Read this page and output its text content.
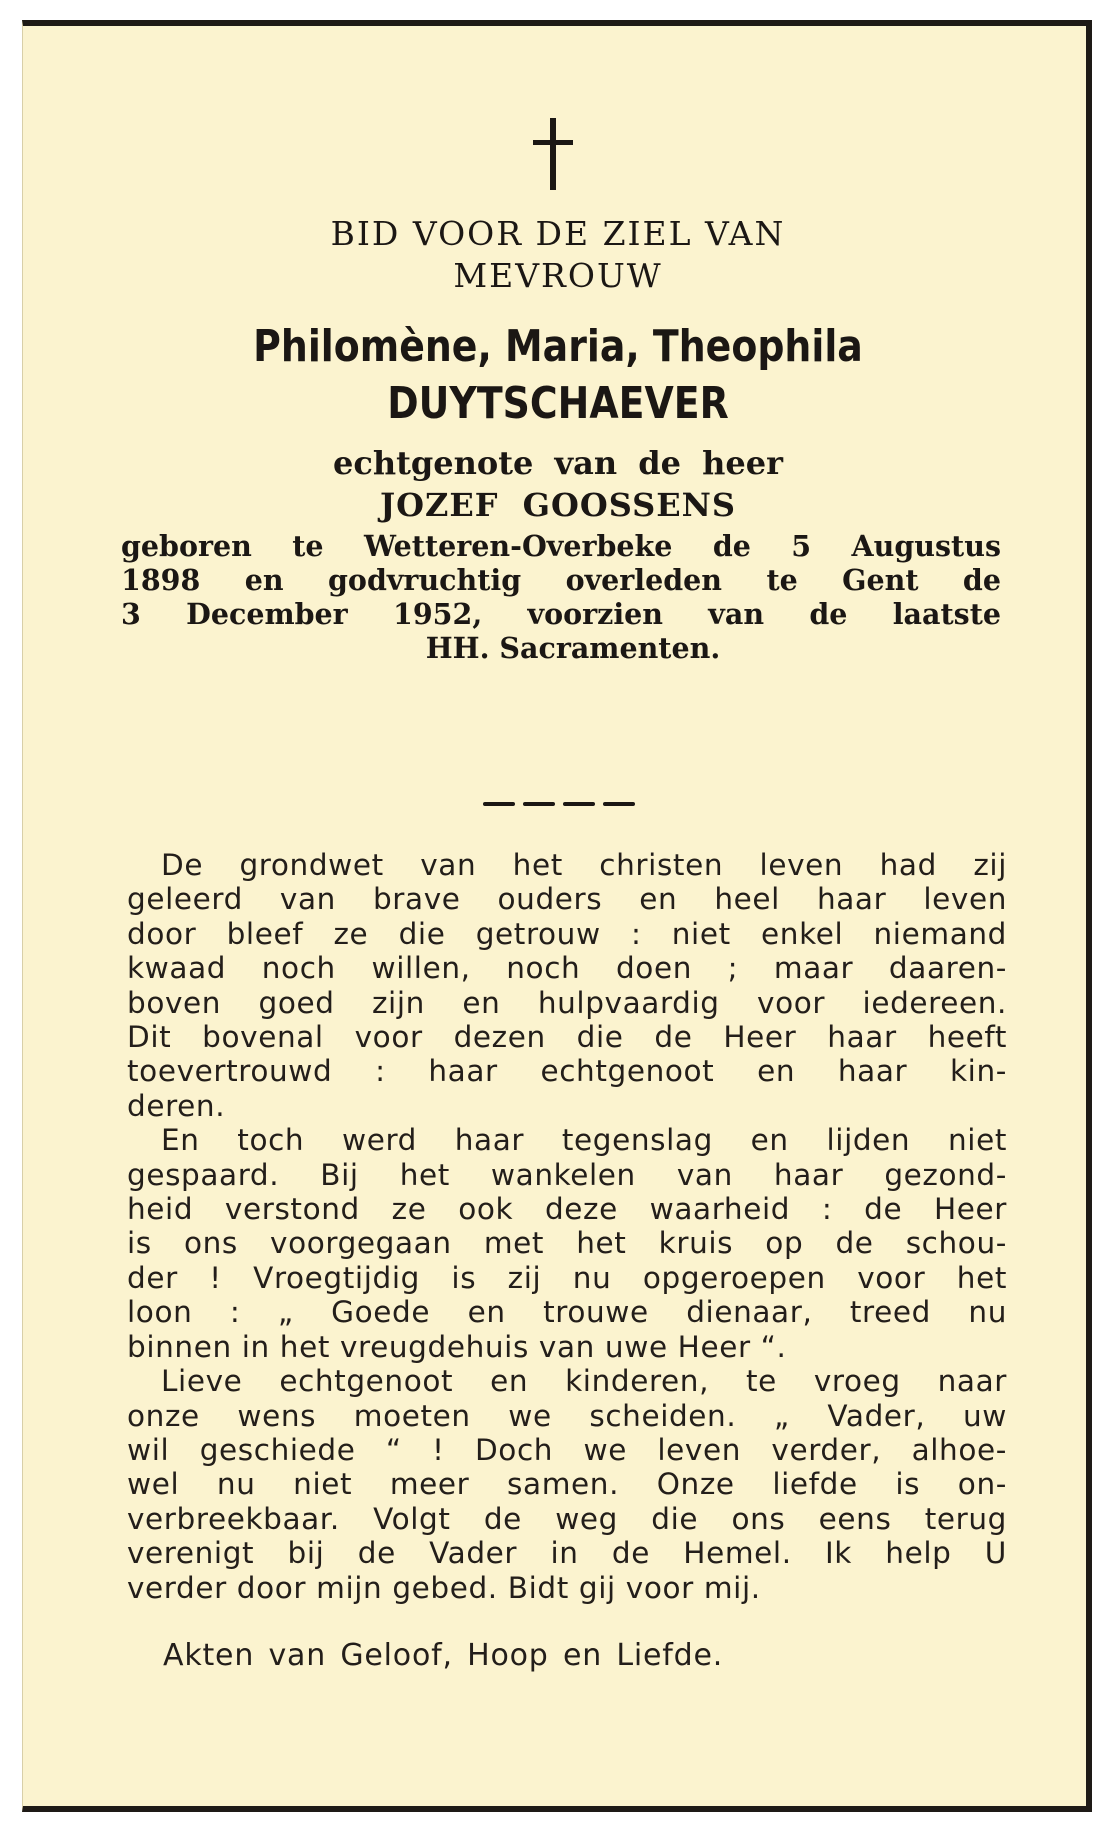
BID VOOR DE ZIEL VAN

MEVROUW

Philomène, Maria, Theophila

DUYTSCHAEVER

echtgenote van de heer

JOZEF GOOSSENS

geboren te Wetteren-Overbeke de 5 Augustus

1898 en godvruchtig overleden te Gent de

3 December 1952, voorzien van de laatste

HH. Sacramenten.

De grondwet van het christen leven had zij
geleerd van brave ouders en heel haar leven
door bleef ze die getrouw : niet enkel niemand
kwaad noch willen, noch doen ; maar daaren-
boven goed zijn en hulpvaardig voor iedereen.
Dit bovenal voor dezen die de Heer haar heeft
toevertrouwd : haar echtgenoot en haar kin-
deren.
En toch werd haar tegenslag en lijden niet
gespaard. Bij het wankelen van haar gezond-
heid verstond ze ook deze waarheid : de Heer
is ons voorgegaan met het kruis op de schou-
der ! Vroegtijdig is zij nu opgeroepen voor het
loon : „ Goede en trouwe dienaar, treed nu
binnen in het vreugdehuis van uwe Heer “.
Lieve echtgenoot en kinderen, te vroeg naar
onze wens moeten we scheiden. „ Vader, uw
wil geschiede “ ! Doch we leven verder, alhoe-
wel nu niet meer samen. Onze liefde is on-
verbreekbaar. Volgt de weg die ons eens terug
verenigt bij de Vader in de Hemel. Ik help U
verder door mijn gebed. Bidt gij voor mij.

Akten van Geloof, Hoop en Liefde.
